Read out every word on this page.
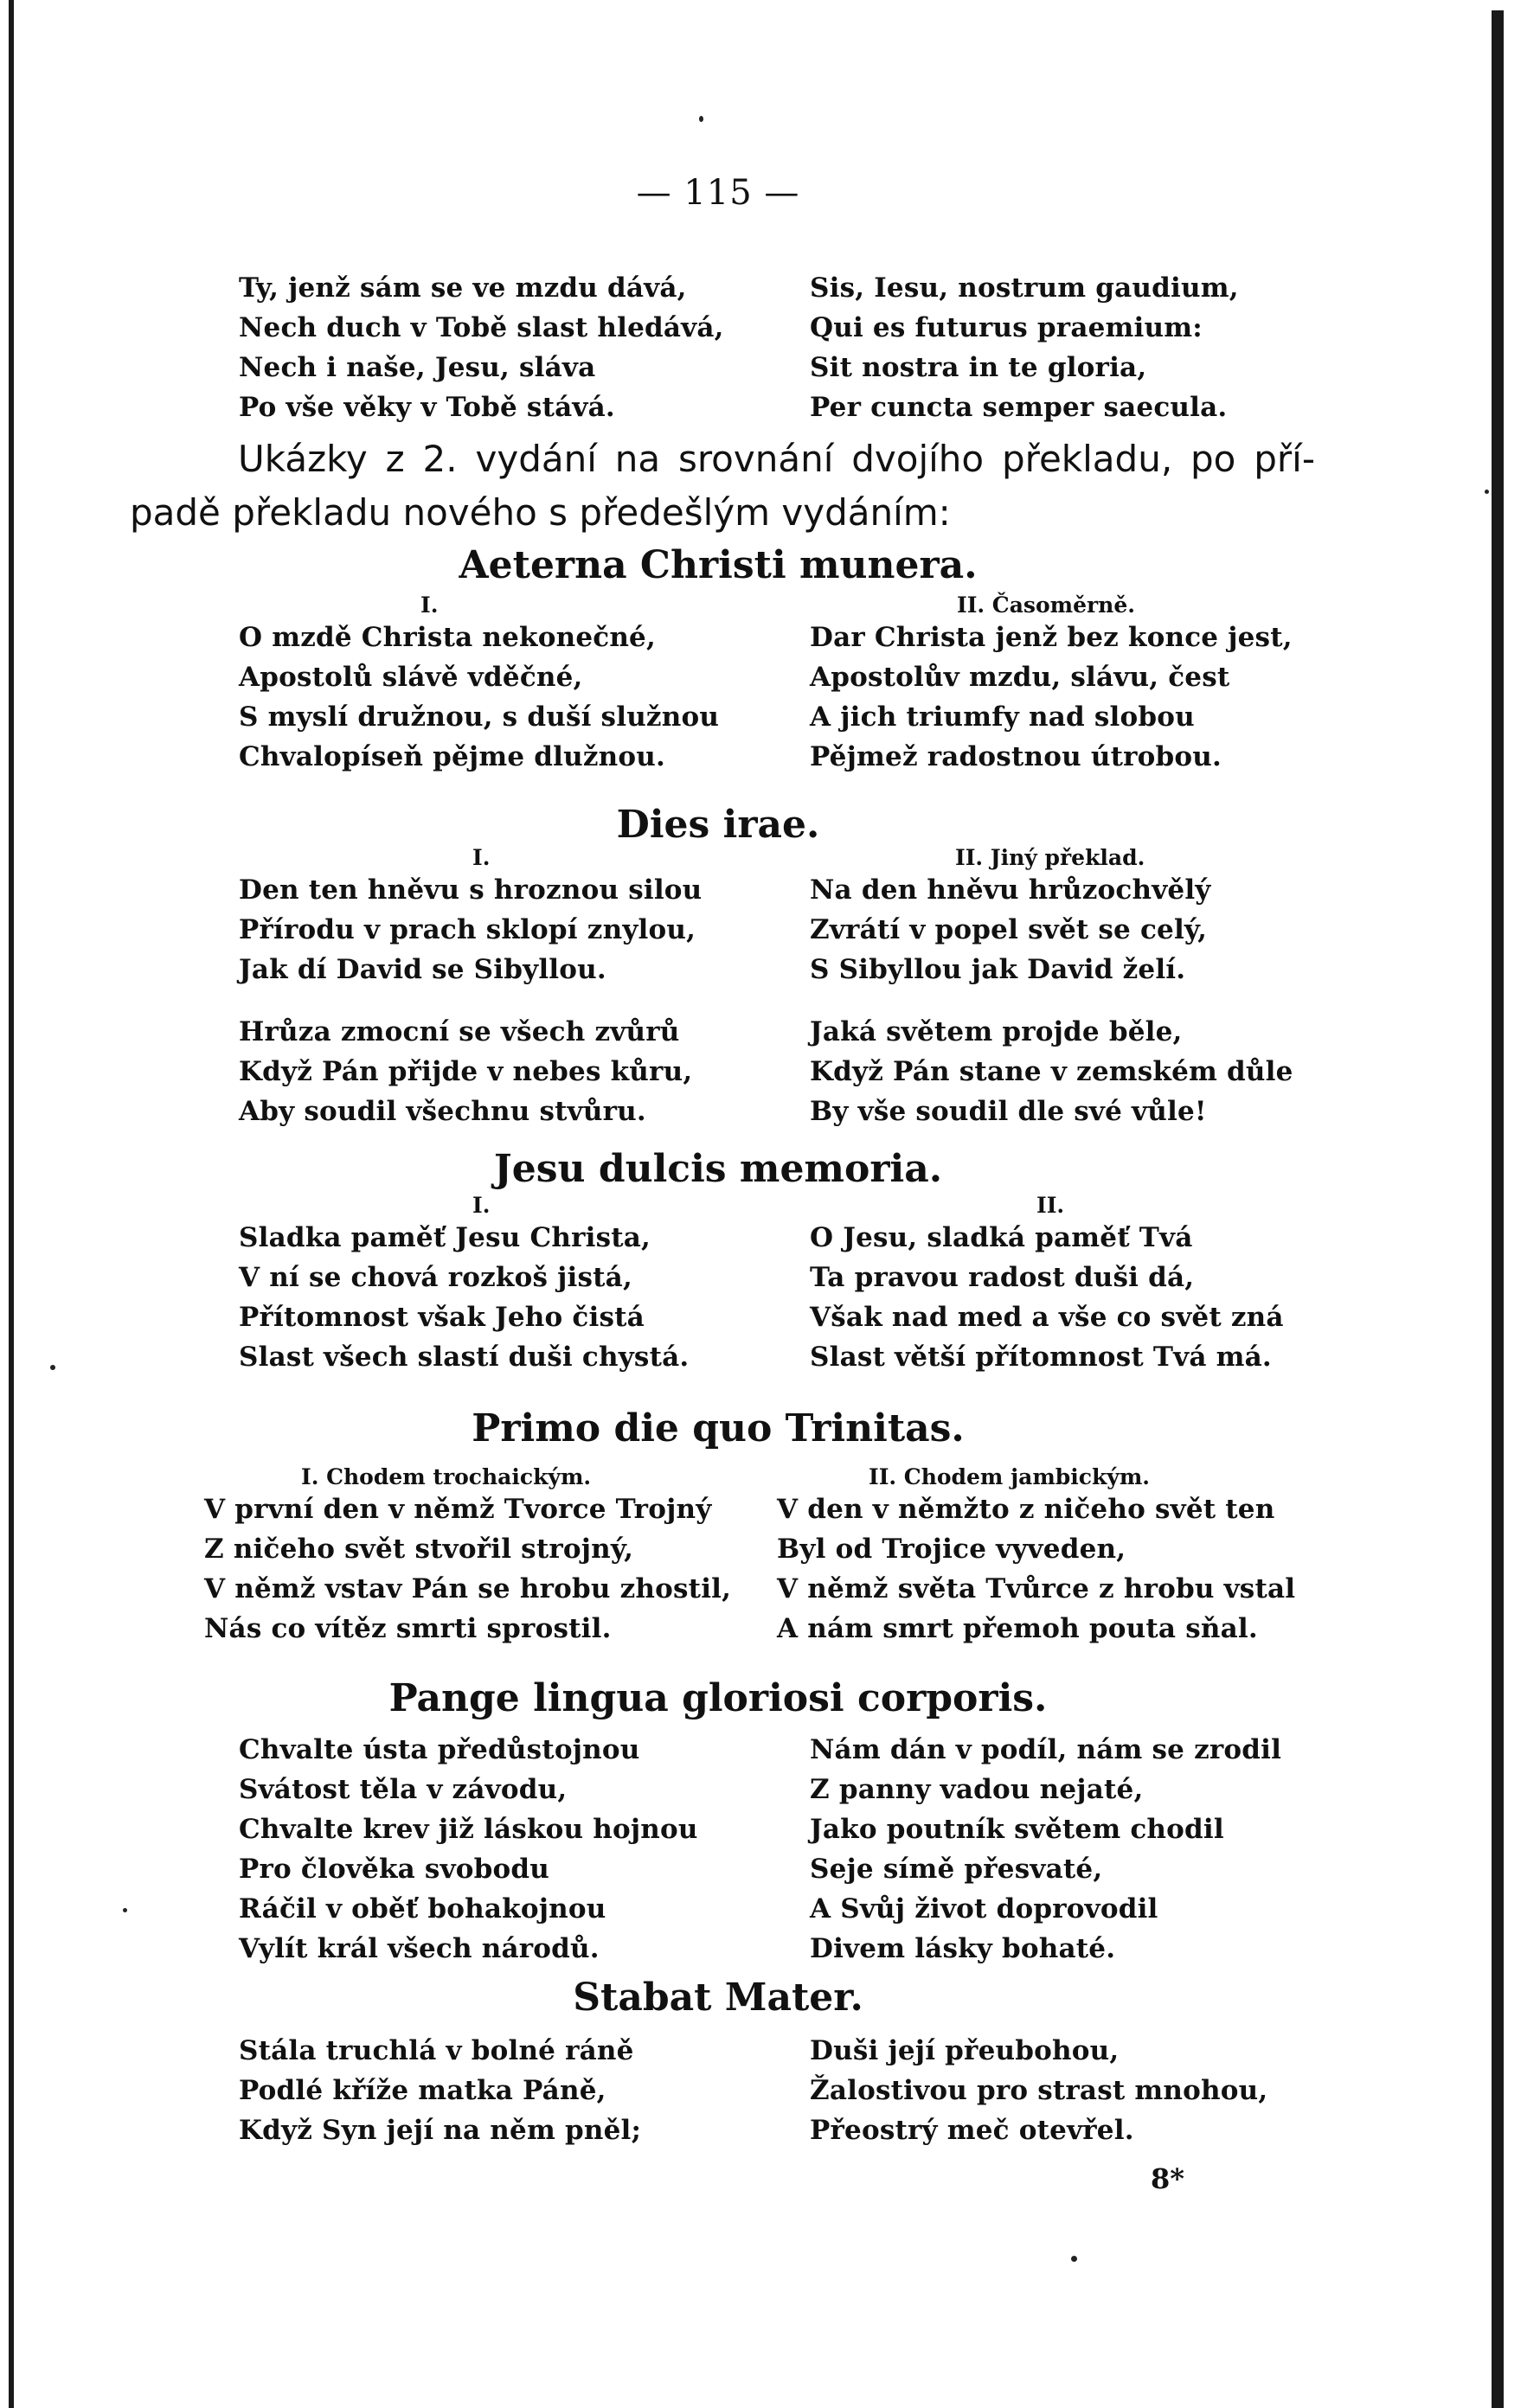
— 115 —
Ty, jenž sám se ve mzdu dává,
Nech duch v Tobě slast hledává,
Nech i naše, Jesu, sláva
Po vše věky v Tobě stává.
Sis, Iesu, nostrum gaudium,
Qui es futurus praemium:
Sit nostra in te gloria,
Per cuncta semper saecula.
Ukázky z 2. vydání na srovnání dvojího překladu, po pří-
padě překladu nového s předešlým vydáním:
Aeterna Christi munera.
I.
O mzdě Christa nekonečné,
Apostolů slávě vděčné,
S myslí družnou, s duší služnou
Chvalopíseň pějme dlužnou.
II. Časoměrně.
Dar Christa jenž bez konce jest,
Apostolův mzdu, slávu, čest
A jich triumfy nad slobou
Pějmež radostnou útrobou.
Dies irae.
I.
Den ten hněvu s hroznou silou
Přírodu v prach sklopí znylou,
Jak dí David se Sibyllou.
Hrůza zmocní se všech zvůrů
Když Pán přijde v nebes kůru,
Aby soudil všechnu stvůru.
II. Jiný překlad.
Na den hněvu hrůzochvělý
Zvrátí v popel svět se celý,
S Sibyllou jak David želí.
Jaká světem projde běle,
Když Pán stane v zemském důle
By vše soudil dle své vůle!
Jesu dulcis memoria.
I.
Sladka paměť Jesu Christa,
V ní se chová rozkoš jistá,
Přítomnost však Jeho čistá
Slast všech slastí duši chystá.
II.
O Jesu, sladká paměť Tvá
Ta pravou radost duši dá,
Však nad med a vše co svět zná
Slast větší přítomnost Tvá má.
Primo die quo Trinitas.
I. Chodem trochaickým.
V první den v němž Tvorce Trojný
Z ničeho svět stvořil strojný,
V němž vstav Pán se hrobu zhostil,
Nás co vítěz smrti sprostil.
II. Chodem jambickým.
V den v němžto z ničeho svět ten
Byl od Trojice vyveden,
V němž světa Tvůrce z hrobu vstal
A nám smrt přemoh pouta sňal.
Pange lingua gloriosi corporis.
Chvalte ústa předůstojnou
Svátost těla v závodu,
Chvalte krev již láskou hojnou
Pro člověka svobodu
Ráčil v oběť bohakojnou
Vylít král všech národů.
Nám dán v podíl, nám se zrodil
Z panny vadou nejaté,
Jako poutník světem chodil
Seje símě přesvaté,
A Svůj život doprovodil
Divem lásky bohaté.
Stabat Mater.
Stála truchlá v bolné ráně
Podlé kříže matka Páně,
Když Syn její na něm pněl;
Duši její přeubohou,
Žalostivou pro strast mnohou,
Přeostrý meč otevřel.
8*
